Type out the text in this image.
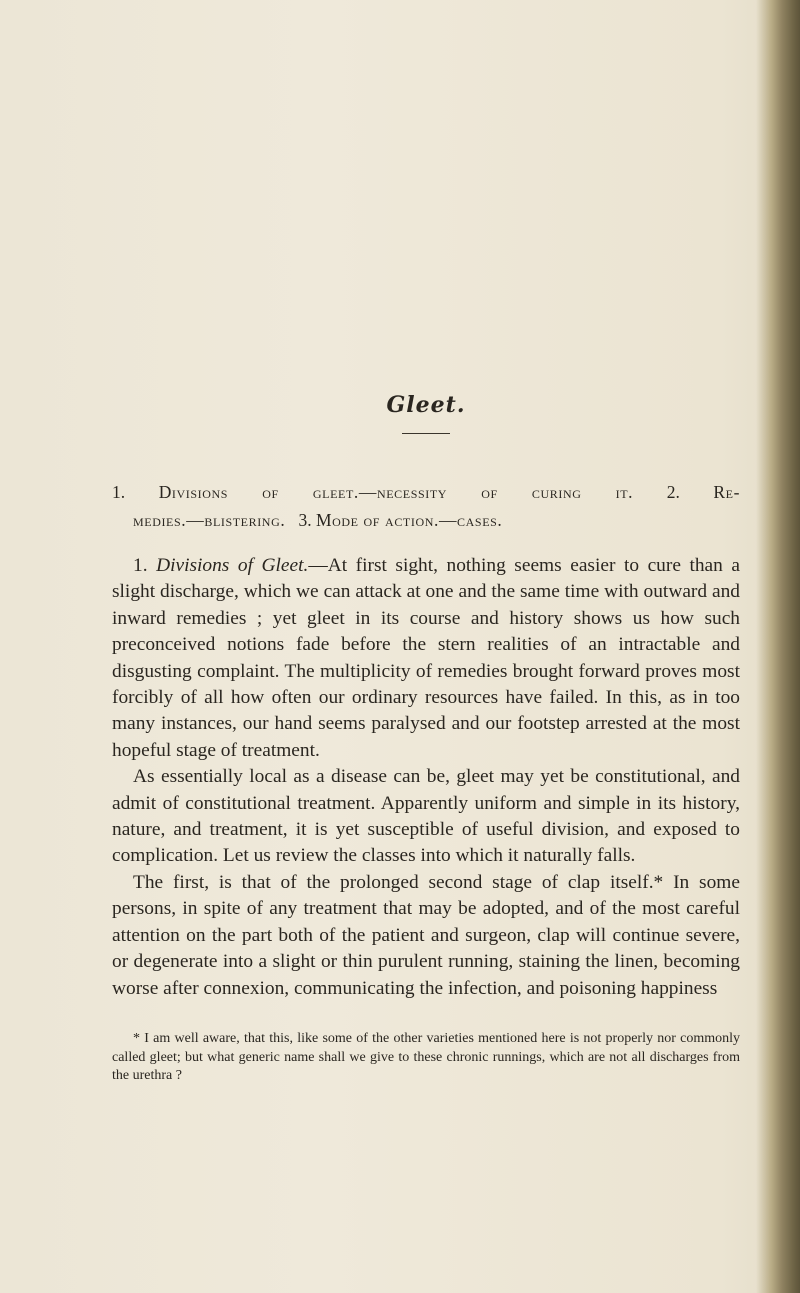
Gleet.
1. Divisions of gleet.—necessity of curing it. 2. Re-
medies.—blistering. 3. Mode of action.—cases.

1. Divisions of Gleet.—At first sight, nothing seems easier to cure than a slight discharge, which we can attack at one and the same time with outward and inward remedies ; yet gleet in its course and history shows us how such preconceived notions fade before the stern realities of an intractable and disgusting complaint. The multiplicity of remedies brought forward proves most forcibly of all how often our ordinary resources have failed. In this, as in too many instances, our hand seems paralysed and our footstep arrested at the most hopeful stage of treatment.

As essentially local as a disease can be, gleet may yet be constitutional, and admit of constitutional treatment. Apparently uniform and simple in its history, nature, and treatment, it is yet susceptible of useful division, and exposed to complication. Let us review the classes into which it naturally falls.

The first, is that of the prolonged second stage of clap itself.* In some persons, in spite of any treatment that may be adopted, and of the most careful attention on the part both of the patient and surgeon, clap will continue severe, or degenerate into a slight or thin purulent running, staining the linen, becoming worse after connexion, communicating the infection, and poisoning happiness

* I am well aware, that this, like some of the other varieties mentioned here is not properly nor commonly called gleet; but what generic name shall we give to these chronic runnings, which are not all discharges from the urethra ?
